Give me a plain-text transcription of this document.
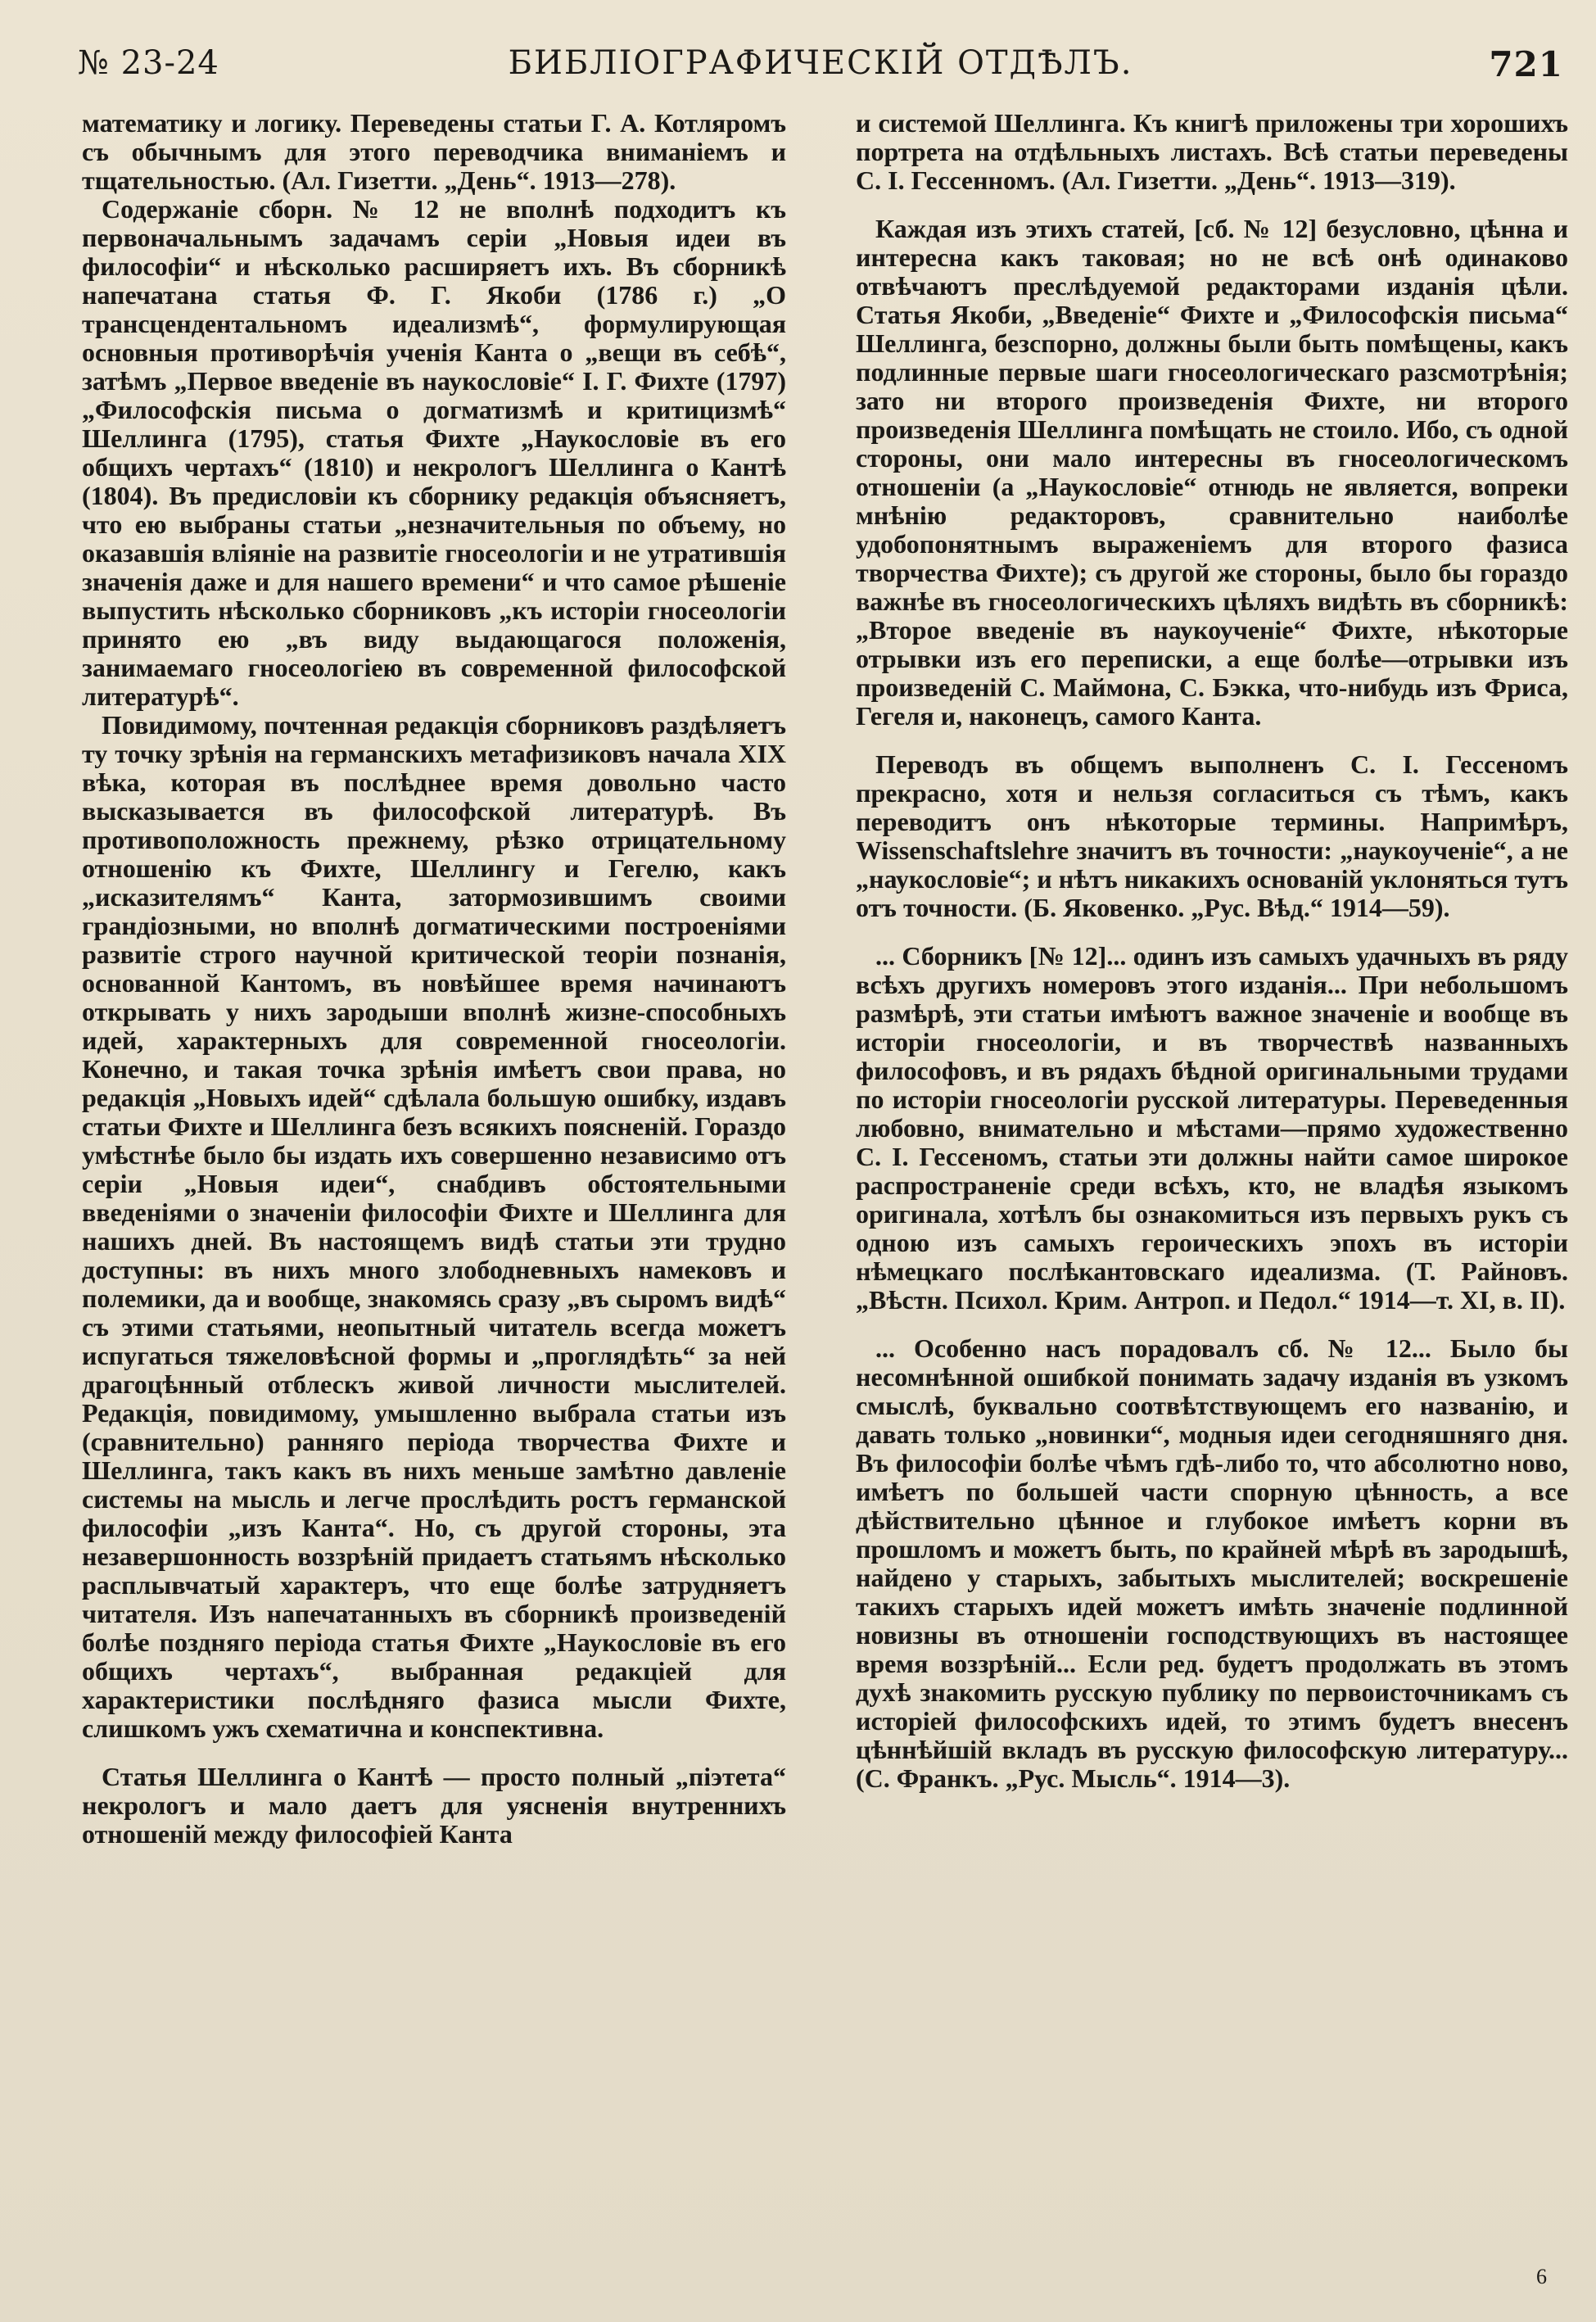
№ 23-24	БИБЛІОГРАФИЧЕСКІЙ ОТДѢЛЪ.	721

математику и логику. Переведены статьи Г. А. Котляромъ съ обычнымъ для этого переводчика вниманіемъ и тщательностью. (Ал. Гизетти. „День“. 1913—278).

Содержаніе сборн. № 12 не вполнѣ подходитъ къ первоначальнымъ задачамъ серіи „Новыя идеи въ философіи“ и нѣсколько расширяетъ ихъ. Въ сборникѣ напечатана статья Ф. Г. Якоби (1786 г.) „О трансцендентальномъ идеализмѣ“, формулирующая основныя противорѣчія ученія Канта о „вещи въ себѣ“, затѣмъ „Первое введеніе въ наукословіе“ І. Г. Фихте (1797) „Философскія письма о догматизмѣ и критицизмѣ“ Шеллинга (1795), статья Фихте „Наукословіе въ его общихъ чертахъ“ (1810) и некрологъ Шеллинга о Кантѣ (1804). Въ предисловіи къ сборнику редакція объясняетъ, что ею выбраны статьи „незначительныя по объему, но оказавшія вліяніе на развитіе гносеологіи и не утратившія значенія даже и для нашего времени“ и что самое рѣшеніе выпустить нѣсколько сборниковъ „къ исторіи гносеологіи принято ею „въ виду выдающагося положенія, занимаемаго гносеологіею въ современной философской литературѣ“.

Повидимому, почтенная редакція сборниковъ раздѣляетъ ту точку зрѣнія на германскихъ метафизиковъ начала XIX вѣка, которая въ послѣднее время довольно часто высказывается въ философской литературѣ. Въ противоположность прежнему, рѣзко отрицательному отношенію къ Фихте, Шеллингу и Гегелю, какъ „исказителямъ“ Канта, затормозившимъ своими грандіозными, но вполнѣ догматическими построеніями развитіе строго научной критической теоріи познанія, основанной Кантомъ, въ новѣйшее время начинаютъ открывать у нихъ зародыши вполнѣ жизне-способныхъ идей, характерныхъ для современной гносеологіи. Конечно, и такая точка зрѣнія имѣетъ свои права, но редакція „Новыхъ идей“ сдѣлала большую ошибку, издавъ статьи Фихте и Шеллинга безъ всякихъ поясненій. Гораздо умѣстнѣе было бы издать ихъ совершенно независимо отъ серіи „Новыя идеи“, снабдивъ обстоятельными введеніями о значеніи философіи Фихте и Шеллинга для нашихъ дней. Въ настоящемъ видѣ статьи эти трудно доступны: въ нихъ много злободневныхъ намековъ и полемики, да и вообще, знакомясь сразу „въ сыромъ видѣ“ съ этими статьями, неопытный читатель всегда можетъ испугаться тяжеловѣсной формы и „проглядѣть“ за ней драгоцѣнный отблескъ живой личности мыслителей. Редакція, повидимому, умышленно выбрала статьи изъ (сравнительно) ранняго періода творчества Фихте и Шеллинга, такъ какъ въ нихъ меньше замѣтно давленіе системы на мысль и легче прослѣдить ростъ германской философіи „изъ Канта“. Но, съ другой стороны, эта незавершонность воззрѣній придаетъ статьямъ нѣсколько расплывчатый характеръ, что еще болѣе затрудняетъ читателя. Изъ напечатанныхъ въ сборникѣ произведеній болѣе поздняго періода статья Фихте „Наукословіе въ его общихъ чертахъ“, выбранная редакціей для характеристики послѣдняго фазиса мысли Фихте, слишкомъ ужъ схематична и конспективна.

Статья Шеллинга о Кантѣ — просто полный „піэтета“ некрологъ и мало даетъ для уясненія внутреннихъ отношеній между философіей Канта

и системой Шеллинга. Къ книгѣ приложены три хорошихъ портрета на отдѣльныхъ листахъ. Всѣ статьи переведены С. І. Гессенномъ. (Ал. Гизетти. „День“. 1913—319).

Каждая изъ этихъ статей, [сб. № 12] безусловно, цѣнна и интересна какъ таковая; но не всѣ онѣ одинаково отвѣчаютъ преслѣдуемой редакторами изданія цѣли. Статья Якоби, „Введеніе“ Фихте и „Философскія письма“ Шеллинга, безспорно, должны были быть помѣщены, какъ подлинные первые шаги гносеологическаго разсмотрѣнія; зато ни второго произведенія Фихте, ни второго произведенія Шеллинга помѣщать не стоило. Ибо, съ одной стороны, они мало интересны въ гносеологическомъ отношеніи (а „Наукословіе“ отнюдь не является, вопреки мнѣнію редакторовъ, сравнительно наиболѣе удобопонятнымъ выраженіемъ для второго фазиса творчества Фихте); съ другой же стороны, было бы гораздо важнѣе въ гносеологическихъ цѣляхъ видѣть въ сборникѣ: „Второе введеніе въ наукоученіе“ Фихте, нѣкоторые отрывки изъ его переписки, а еще болѣе—отрывки изъ произведеній С. Маймона, С. Бэкка, что-нибудь изъ Фриса, Гегеля и, наконецъ, самого Канта.

Переводъ въ общемъ выполненъ С. І. Гессеномъ прекрасно, хотя и нельзя согласиться съ тѣмъ, какъ переводитъ онъ нѣкоторые термины. Напримѣръ, Wissenschaftslehre значитъ въ точности: „наукоученіе“, а не „наукословіе“; и нѣтъ никакихъ основаній уклоняться тутъ отъ точности. (Б. Яковенко. „Рус. Вѣд.“ 1914—59).

... Сборникъ [№ 12]... одинъ изъ самыхъ удачныхъ въ ряду всѣхъ другихъ номеровъ этого изданія... При небольшомъ размѣрѣ, эти статьи имѣютъ важное значеніе и вообще въ исторіи гносеологіи, и въ творчествѣ названныхъ философовъ, и въ рядахъ бѣдной оригинальными трудами по исторіи гносеологіи русской литературы. Переведенныя любовно, внимательно и мѣстами—прямо художественно С. І. Гессеномъ, статьи эти должны найти самое широкое распространеніе среди всѣхъ, кто, не владѣя языкомъ оригинала, хотѣлъ бы ознакомиться изъ первыхъ рукъ съ одною изъ самыхъ героическихъ эпохъ въ исторіи нѣмецкаго послѣкантовскаго идеализма. (Т. Райновъ. „Вѣстн. Психол. Крим. Антроп. и Педол.“ 1914—т. XI, в. II).

... Особенно насъ порадовалъ сб. № 12... Было бы несомнѣнной ошибкой понимать задачу изданія въ узкомъ смыслѣ, буквально соотвѣтствующемъ его названію, и давать только „новинки“, модныя идеи сегодняшняго дня. Въ философіи болѣе чѣмъ гдѣ-либо то, что абсолютно ново, имѣетъ по большей части спорную цѣнность, а все дѣйствительно цѣнное и глубокое имѣетъ корни въ прошломъ и можетъ быть, по крайней мѣрѣ въ зародышѣ, найдено у старыхъ, забытыхъ мыслителей; воскрешеніе такихъ старыхъ идей можетъ имѣть значеніе подлинной новизны въ отношеніи господствующихъ въ настоящее время воззрѣній... Если ред. будетъ продолжать въ этомъ духѣ знакомить русскую публику по первоисточникамъ съ исторіей философскихъ идей, то этимъ будетъ внесенъ цѣннѣйшій вкладъ въ русскую философскую литературу... (С. Франкъ. „Рус. Мысль“. 1914—3).

6
